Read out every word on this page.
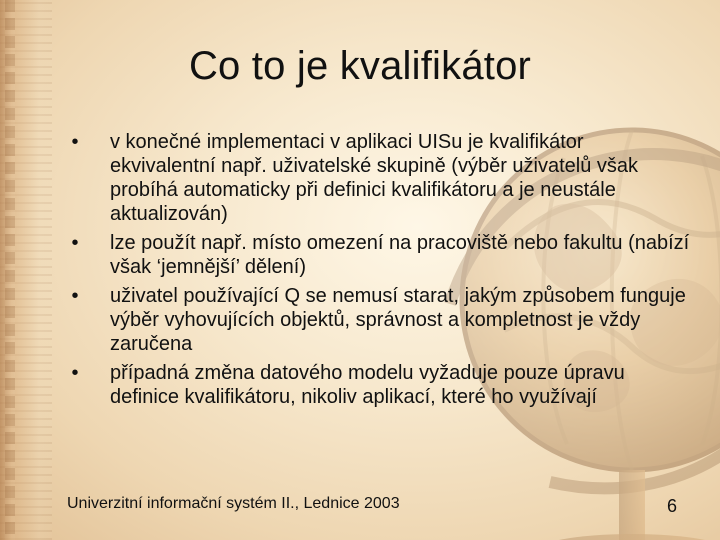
Co to je kvalifikátor
• v konečné implementaci v aplikaci UISu je kvalifikátor ekvivalentní např. uživatelské skupině (výběr uživatelů však probíhá automaticky při definici kvalifikátoru a je neustále aktualizován)
• lze použít např. místo omezení na pracoviště nebo fakultu (nabízí však ‘jemnější’ dělení)
• uživatel používající Q se nemusí starat, jakým způsobem funguje výběr vyhovujících objektů, správnost a kompletnost je vždy zaručena
• případná změna datového modelu vyžaduje pouze úpravu definice kvalifikátoru, nikoliv aplikací, které ho využívají
Univerzitní informační systém II., Lednice 2003	6
